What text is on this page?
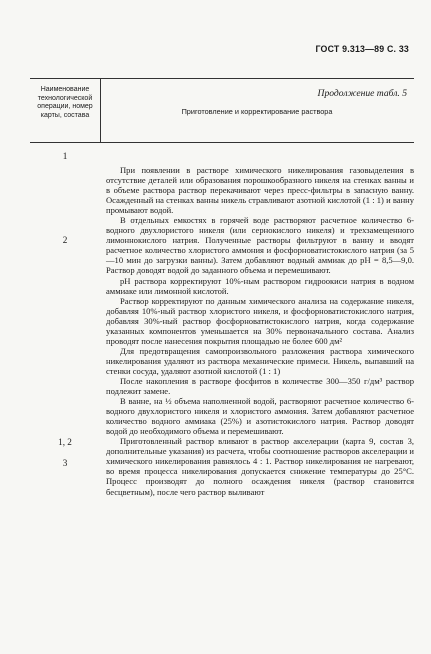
ГОСТ 9.313—89 С. 33
Продолжение табл. 5
Наименование технологической операции, номер карты, состава	Приготовление и корректирование раствора
1
2
1, 2
3

При появлении в растворе химического никелирования газовыделения в отсутствие деталей или образования порошкообразного никеля на стенках ванны и в объеме раствора раствор перекачивают через пресс-фильтры в запасную ванну. Осажденный на стенках ванны никель стравливают азотной кислотой (1 : 1) и ванну промывают водой.

В отдельных емкостях в горячей воде растворяют расчетное количество 6-водного двухлористого никеля (или сернокислого никеля) и трехзамещенного лимоннокислого натрия. Полученные растворы фильтруют в ванну и вводят расчетное количество хлористого аммония и фосфорноватистокислого натрия (за 5—10 мин до загрузки ванны). Затем добавляют водный аммиак до pH = 8,5—9,0. Раствор доводят водой до заданного объема и перемешивают.

pH раствора корректируют 10%-ным раствором гидроокиси натрия в водном аммиаке или лимонной кислотой.

Раствор корректируют по данным химического анализа на содержание никеля, добавляя 10%-ный раствор хлористого никеля, и фосфорноватистокислого натрия, добавляя 30%-ный раствор фосфорноватистокислого натрия, когда содержание указанных компонентов уменьшается на 30% первоначального состава. Анализ проводят после нанесения покрытия площадью не более 600 дм²

Для предотвращения самопроизвольного разложения раствора химического никелирования удаляют из раствора механические примеси. Никель, выпавший на стенки сосуда, удаляют азотной кислотой (1 : 1)

После накопления в растворе фосфитов в количестве 300—350 г/дм³ раствор подлежит замене.

В ванне, на ½ объема наполненной водой, растворяют расчетное количество 6-водного двухлористого никеля и хлористого аммония. Затем добавляют расчетное количество водного аммиака (25%) и азотистокислого натрия. Раствор доводят водой до необходимого объема и перемешивают.

Приготовленный раствор вливают в раствор акселерации (карта 9, состав 3, дополнительные указания) из расчета, чтобы соотношение растворов акселерации и химического никелирования равнялось 4 : 1. Раствор никелирования не нагревают, во время процесса никелирования допускается снижение температуры до 25°С. Процесс производят до полного осаждения никеля (раствор становится бесцветным), после чего раствор выливают
